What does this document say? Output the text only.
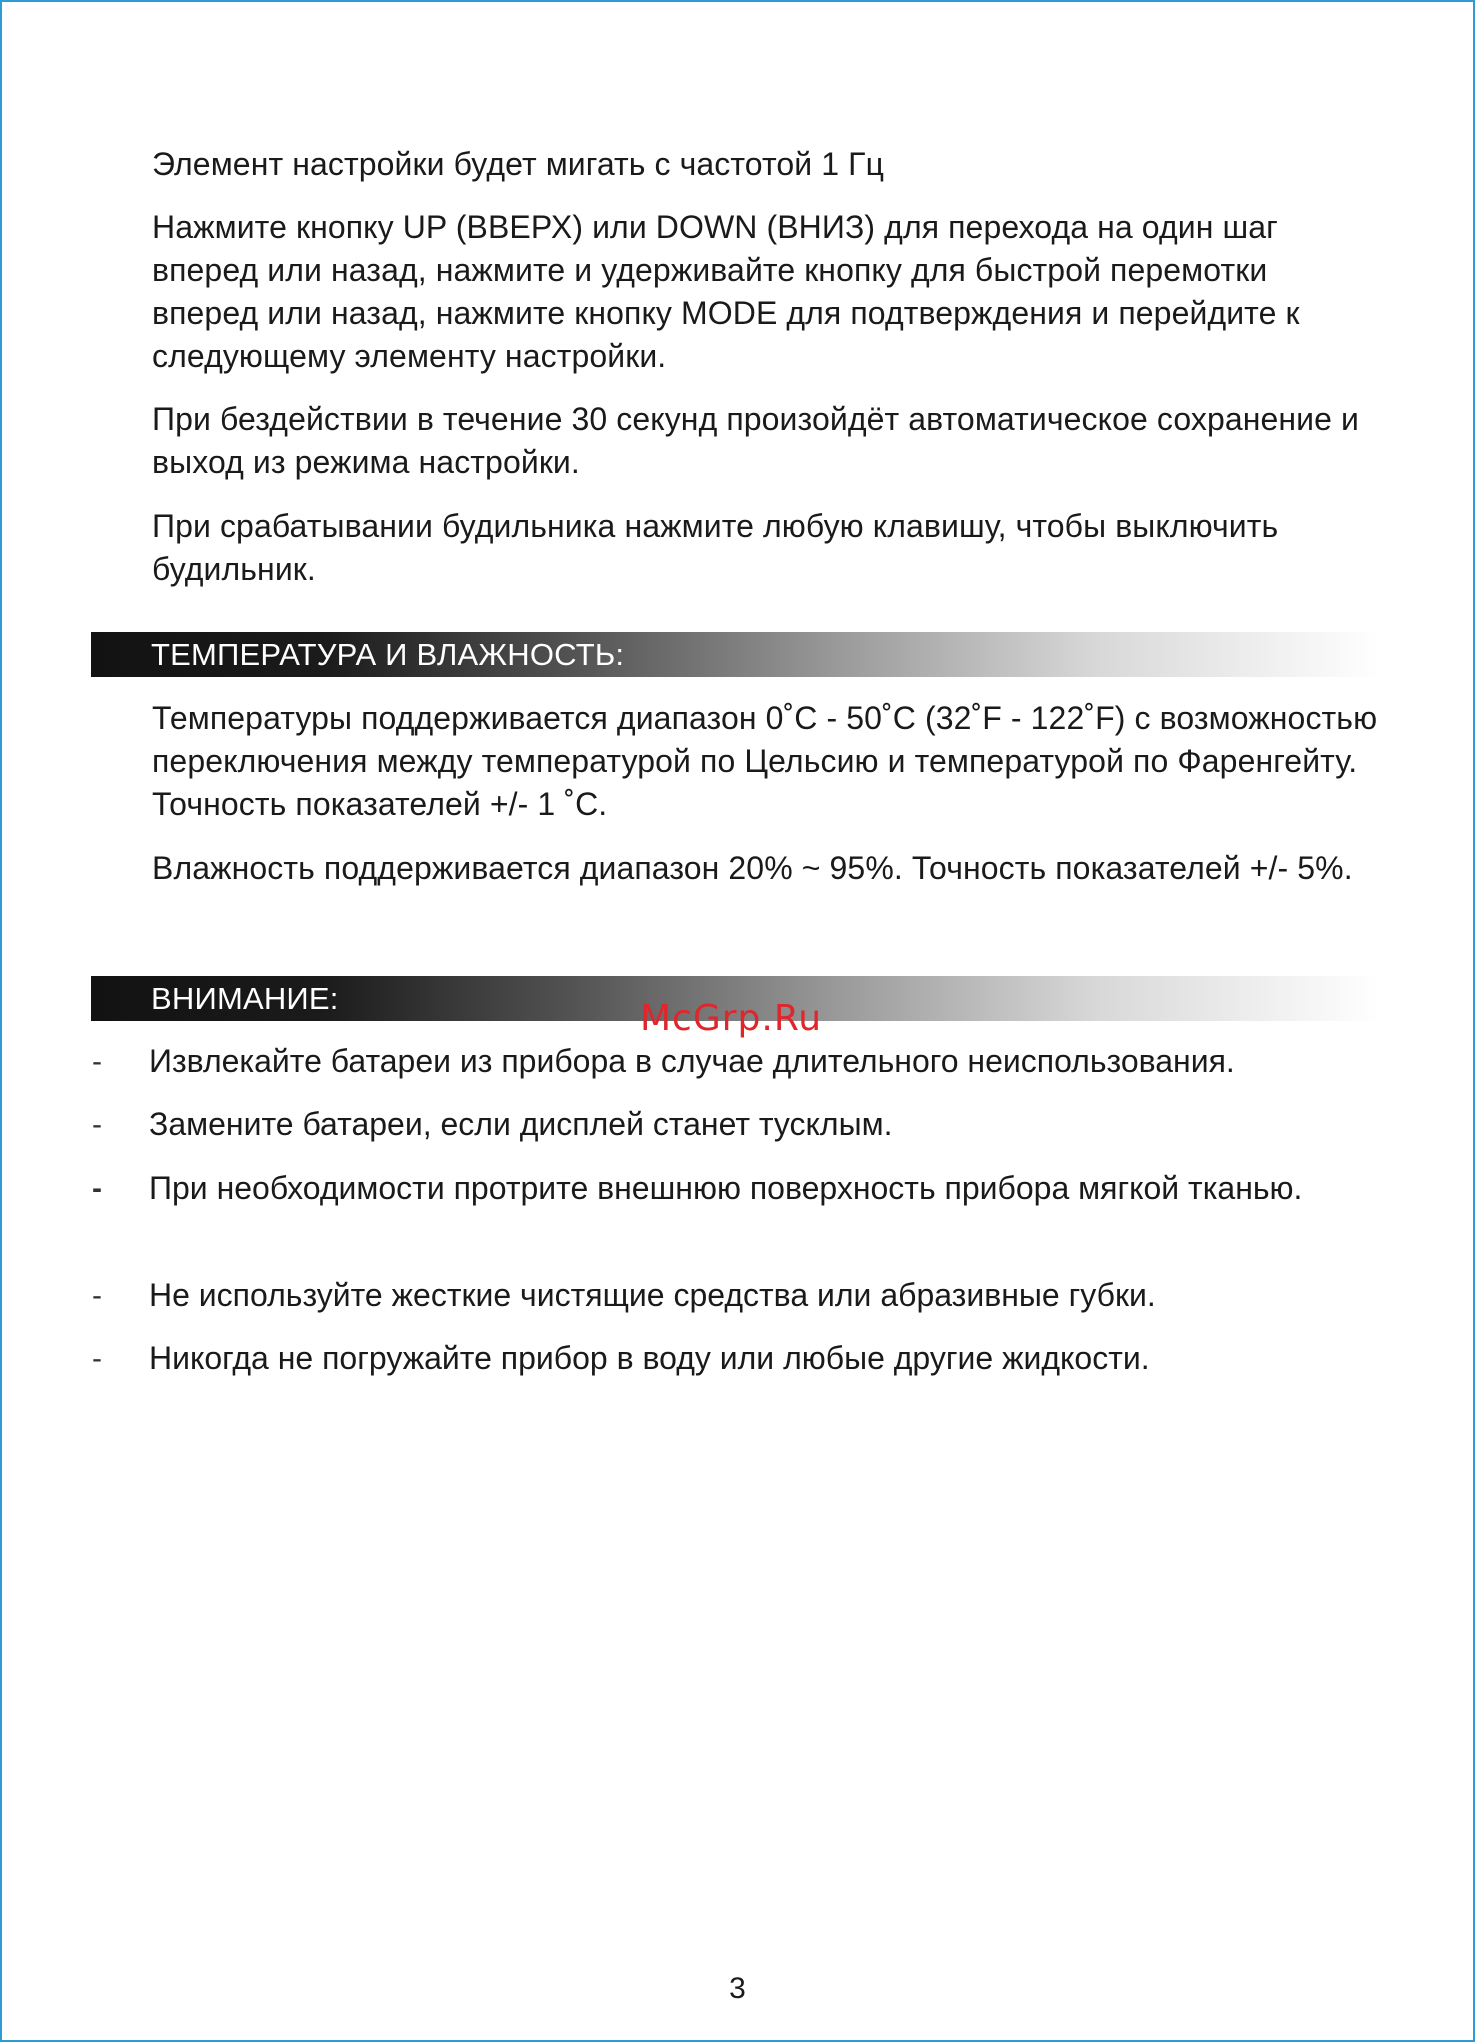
Элемент настройки будет мигать с частотой 1 Гц

Нажмите кнопку UP (ВВЕРХ) или DOWN (ВНИЗ) для перехода на один шаг вперед или назад, нажмите и удерживайте кнопку для быстрой перемотки вперед или назад, нажмите кнопку MODE для подтверждения и перейдите к следующему элементу настройки.

При бездействии в течение 30 секунд произойдёт автоматическое сохранение и выход из режима настройки.

При срабатывании будильника нажмите любую клавишу, чтобы выключить будильник.

ТЕМПЕРАТУРА И ВЛАЖНОСТЬ:

Температуры поддерживается диапазон 0˚С - 50˚С (32˚F - 122˚F) с возможностью переключения между температурой по Цельсию и температурой по Фаренгейту. Точность показателей +/- 1 ˚С.

Влажность поддерживается диапазон 20% ~ 95%. Точность показателей +/- 5%.

ВНИМАНИЕ:	McGrp.Ru
- Извлекайте батареи из прибора в случае длительного неиспользования.

- Замените батареи, если дисплей станет тусклым.

- При необходимости протрите внешнюю поверхность прибора мягкой тканью.

- Не используйте жесткие чистящие средства или абразивные губки.

- Никогда не погружайте прибор в воду или любые другие жидкости.

3
